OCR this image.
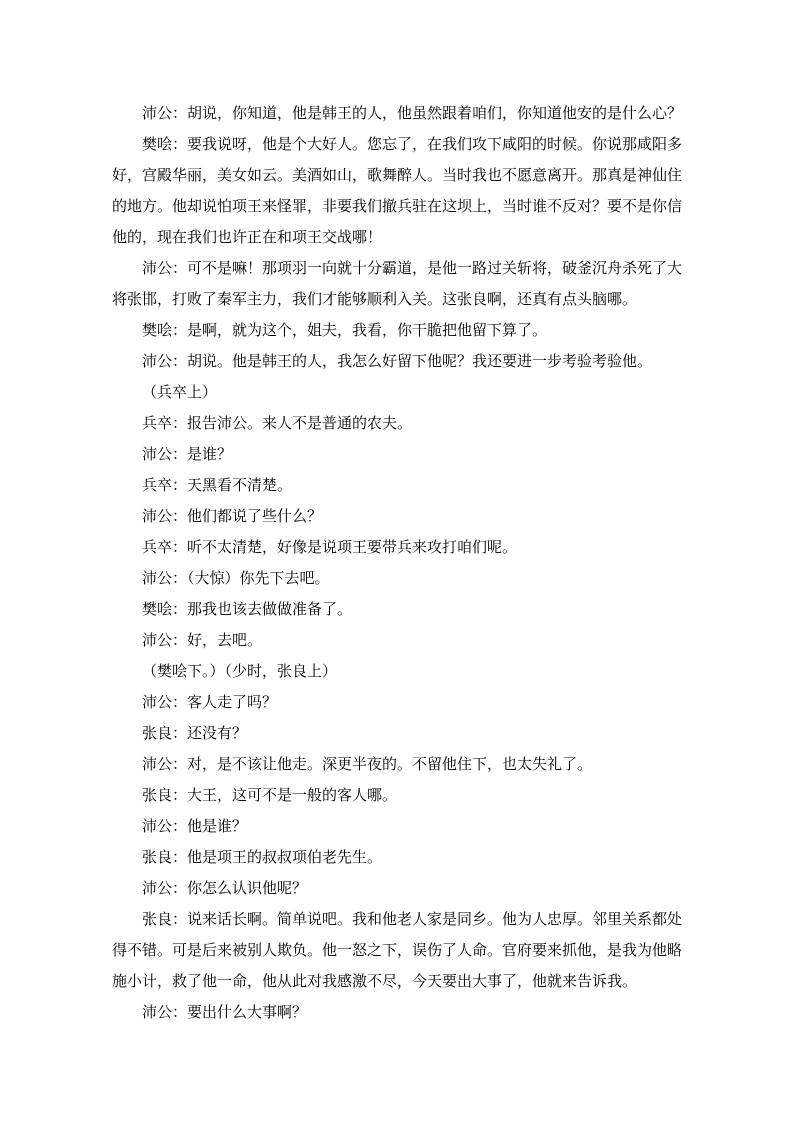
沛公：胡说，你知道，他是韩王的人，他虽然跟着咱们，你知道他安的是什么心？

樊哙：要我说呀，他是个大好人。您忘了，在我们攻下咸阳的时候。你说那咸阳多好，宫殿华丽，美女如云。美酒如山，歌舞醉人。当时我也不愿意离开。那真是神仙住的地方。他却说怕项王来怪罪，非要我们撤兵驻在这坝上，当时谁不反对？要不是你信他的，现在我们也许正在和项王交战哪！

沛公：可不是嘛！那项羽一向就十分霸道，是他一路过关斩将，破釜沉舟杀死了大将张邯，打败了秦军主力，我们才能够顺利入关。这张良啊，还真有点头脑哪。

樊哙：是啊，就为这个，姐夫，我看，你干脆把他留下算了。

沛公：胡说。他是韩王的人，我怎么好留下他呢？我还要进一步考验考验他。

（兵卒上）

兵卒：报告沛公。来人不是普通的农夫。

沛公：是谁？

兵卒：天黑看不清楚。

沛公：他们都说了些什么？

兵卒：听不太清楚，好像是说项王要带兵来攻打咱们呢。

沛公：（大惊）你先下去吧。

樊哙：那我也该去做做准备了。

沛公：好，去吧。

（樊哙下。）（少时，张良上）

沛公：客人走了吗？

张良：还没有？

沛公：对，是不该让他走。深更半夜的。不留他住下，也太失礼了。

张良：大王，这可不是一般的客人哪。

沛公：他是谁？

张良：他是项王的叔叔项伯老先生。

沛公：你怎么认识他呢？

张良：说来话长啊。简单说吧。我和他老人家是同乡。他为人忠厚。邻里关系都处得不错。可是后来被别人欺负。他一怒之下，误伤了人命。官府要来抓他，是我为他略施小计，救了他一命，他从此对我感激不尽，今天要出大事了，他就来告诉我。

沛公：要出什么大事啊？
